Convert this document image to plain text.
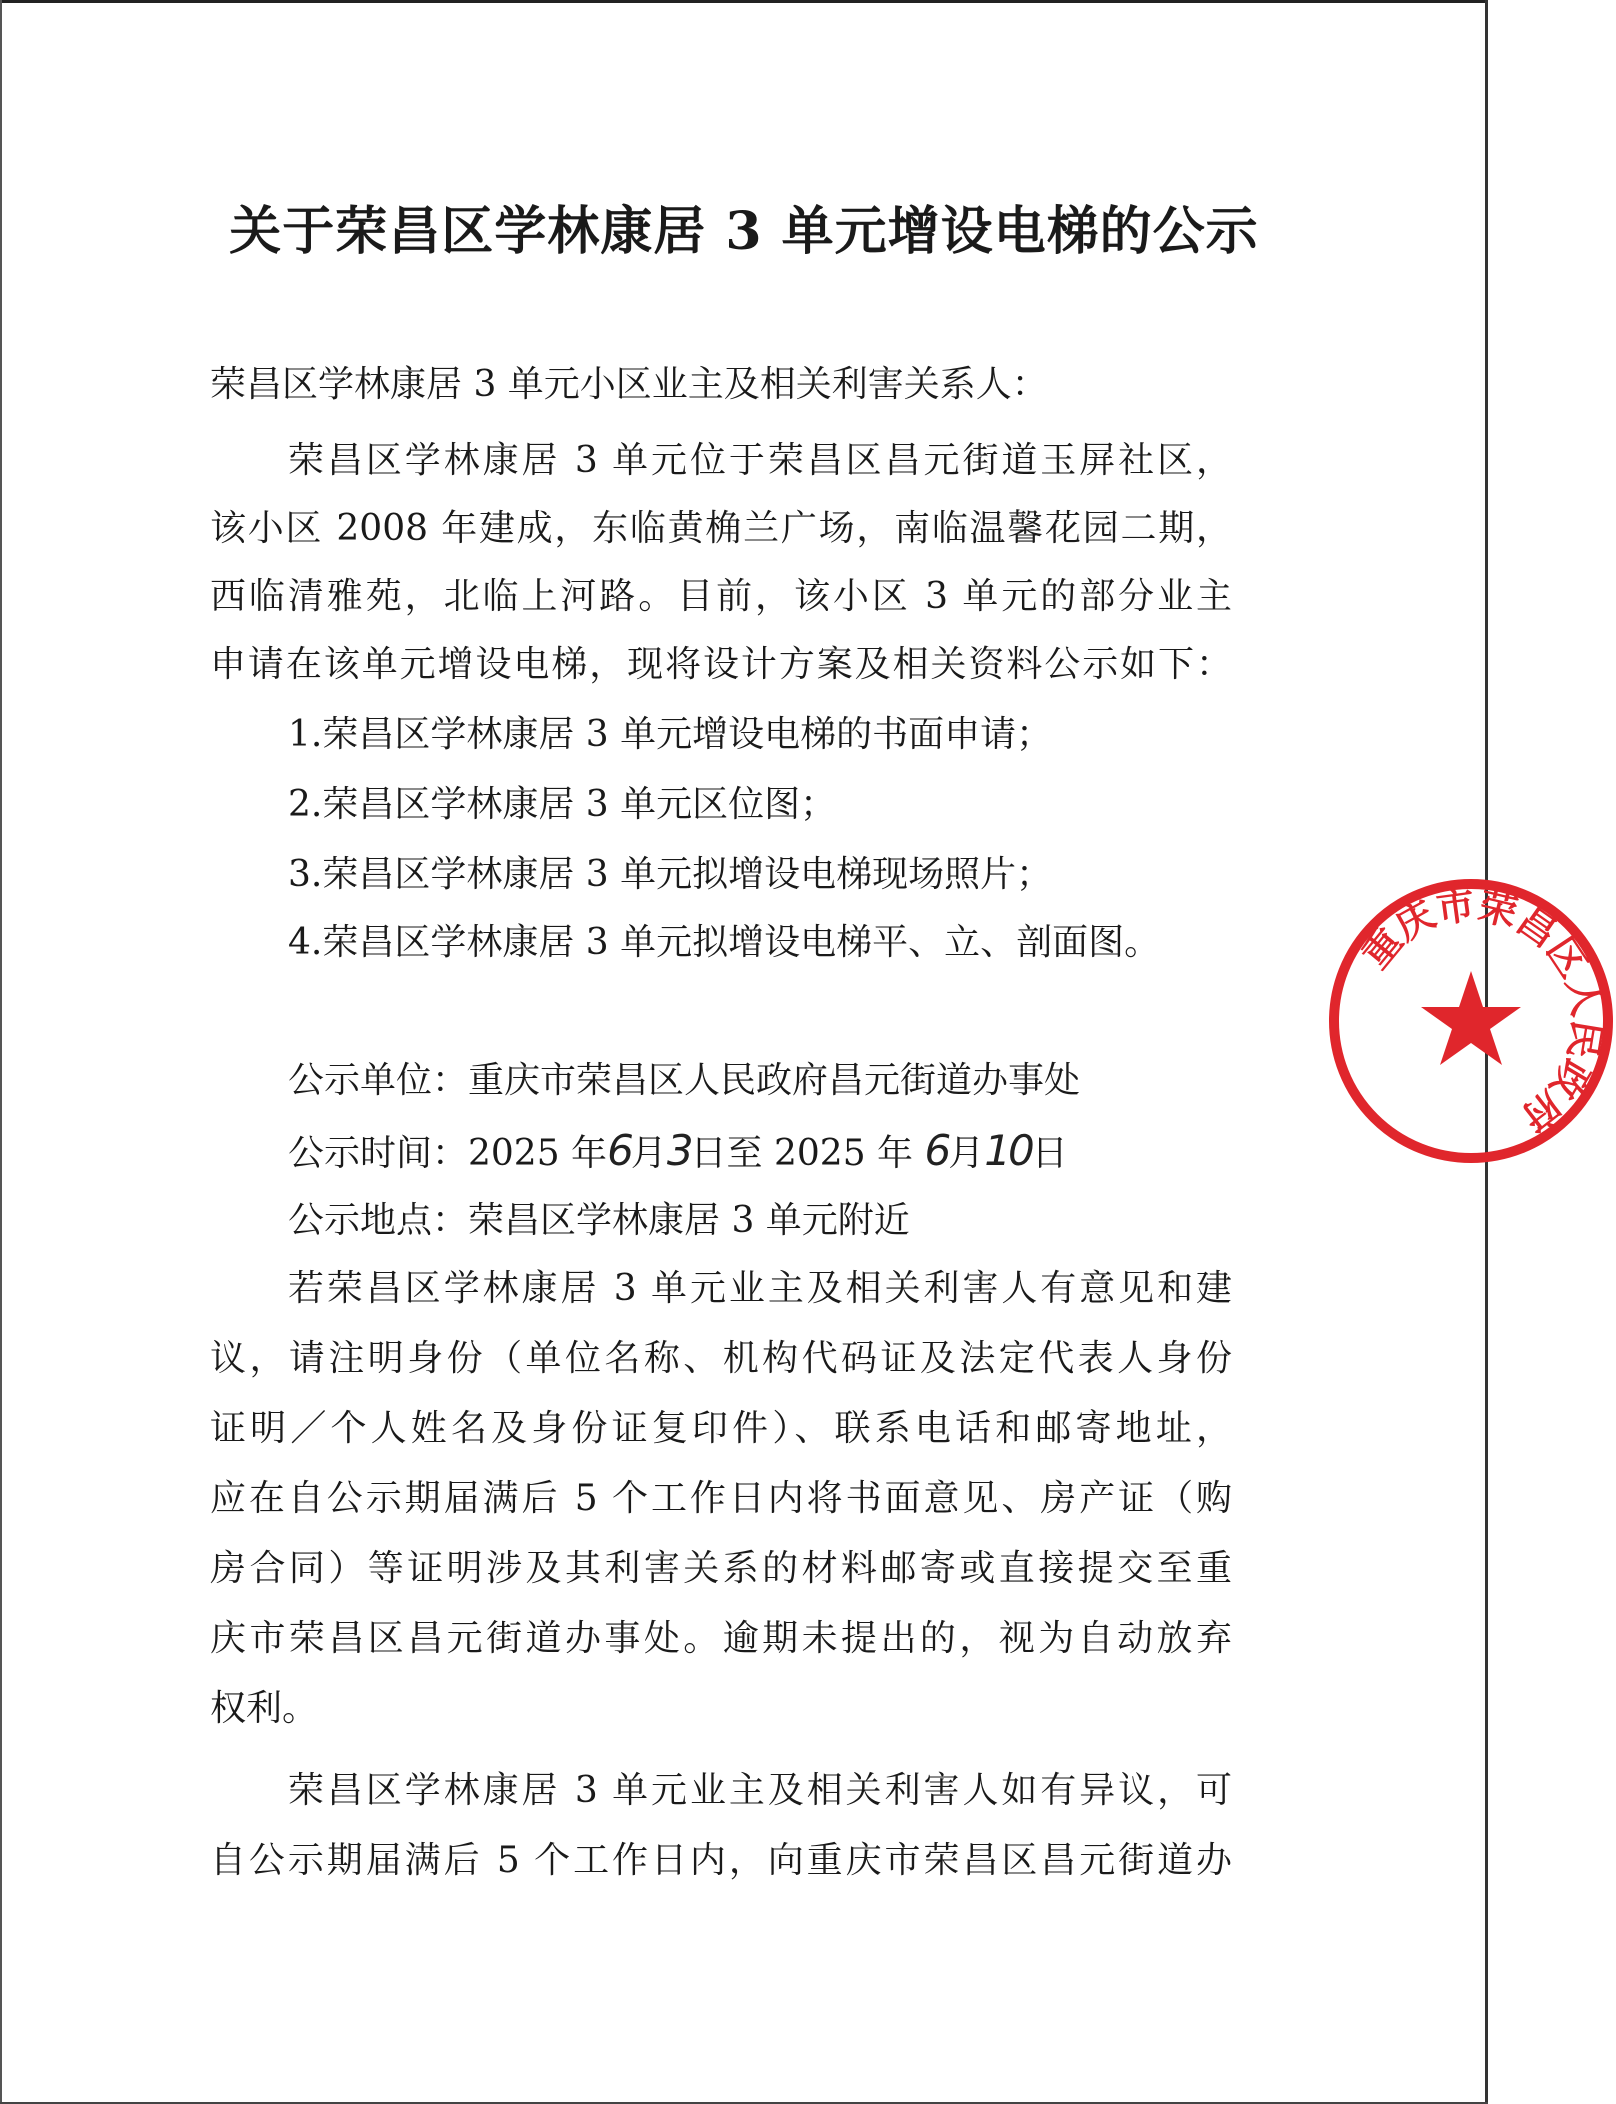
关于荣昌区学林康居 3 单元增设电梯的公示
荣昌区学林康居 3 单元小区业主及相关利害关系人：
荣昌区学林康居 3 单元位于荣昌区昌元街道玉屏社区，
该小区 2008 年建成，东临黄桷兰广场，南临温馨花园二期，
西临清雅苑，北临上河路。目前，该小区 3 单元的部分业主
申请在该单元增设电梯，现将设计方案及相关资料公示如下：
1.荣昌区学林康居 3 单元增设电梯的书面申请；
2.荣昌区学林康居 3 单元区位图；
3.荣昌区学林康居 3 单元拟增设电梯现场照片；
4.荣昌区学林康居 3 单元拟增设电梯平、立、剖面图。
公示单位：重庆市荣昌区人民政府昌元街道办事处
公示时间：2025 年6月3日至 2025 年 6月10日
公示地点：荣昌区学林康居 3 单元附近
若荣昌区学林康居 3 单元业主及相关利害人有意见和建
议，请注明身份（单位名称、机构代码证及法定代表人身份
证明／个人姓名及身份证复印件）、联系电话和邮寄地址，
应在自公示期届满后 5 个工作日内将书面意见、房产证（购
房合同）等证明涉及其利害关系的材料邮寄或直接提交至重
庆市荣昌区昌元街道办事处。逾期未提出的，视为自动放弃
权利。
荣昌区学林康居 3 单元业主及相关利害人如有异议，可
自公示期届满后 5 个工作日内，向重庆市荣昌区昌元街道办
重庆市荣昌区人民政府
